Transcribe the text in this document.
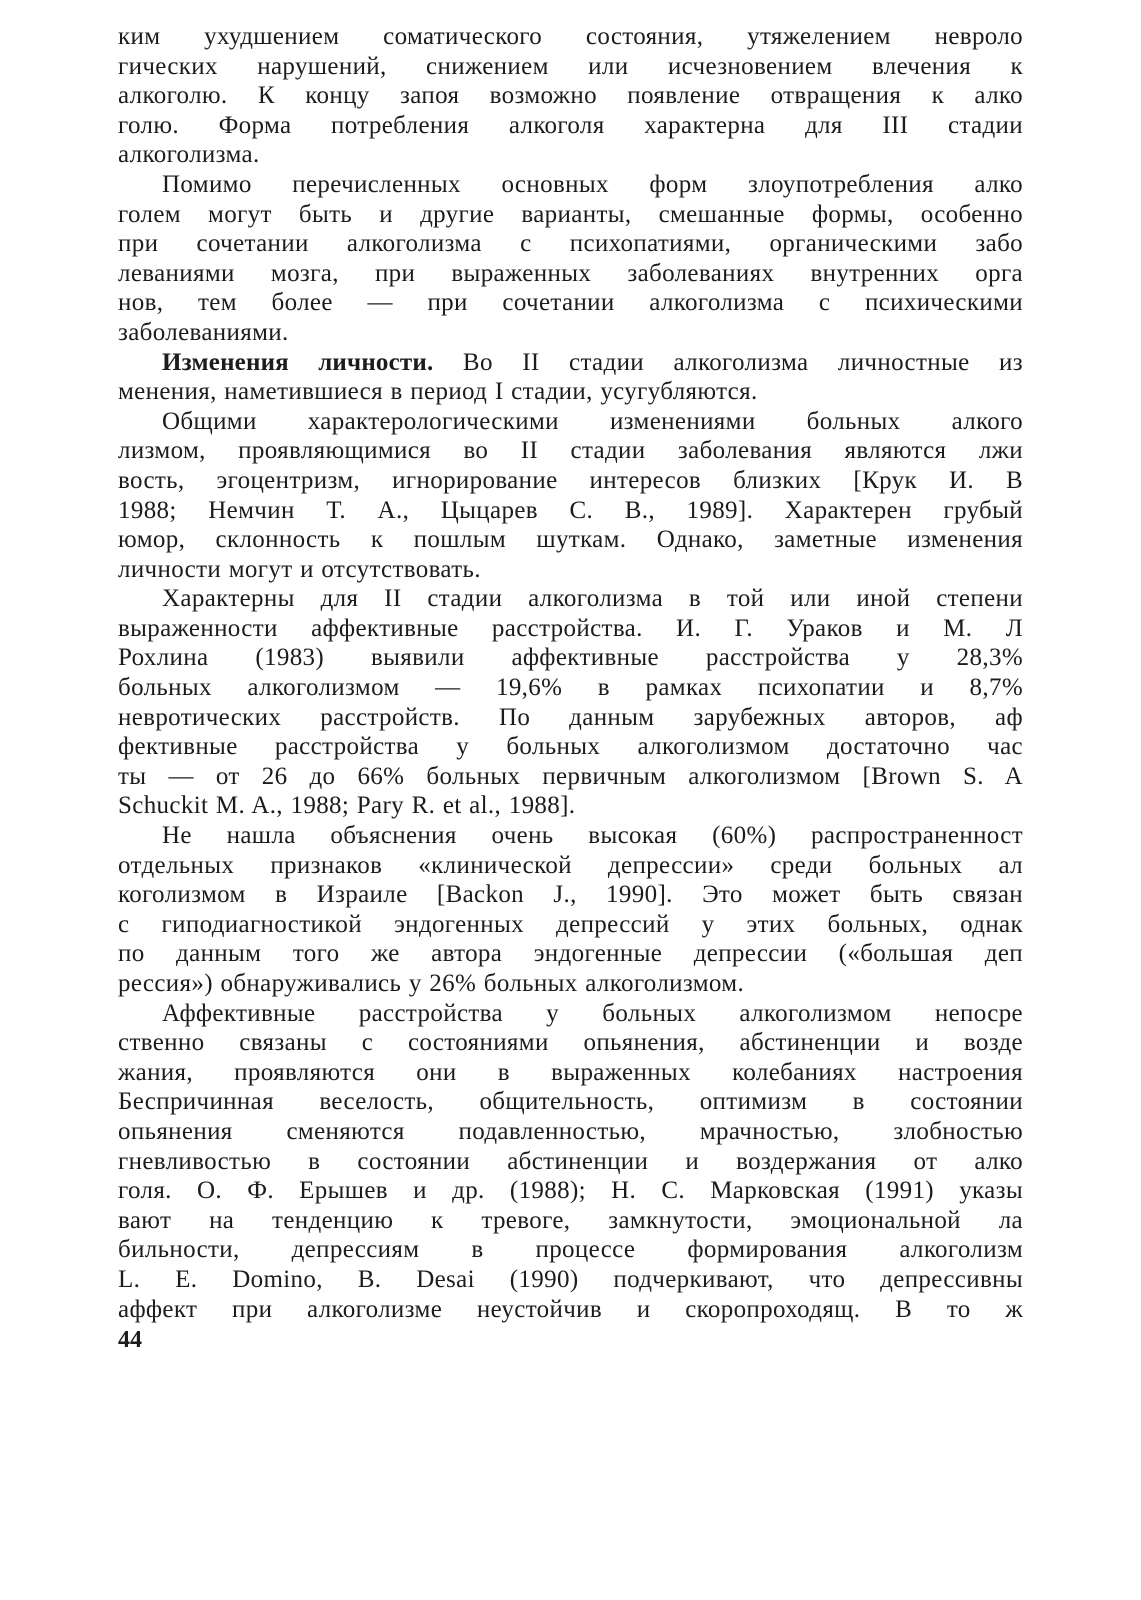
ким ухудшением соматического состояния, утяжелением невролo
гических нарушений, снижением или исчезновением влечения к
алкоголю. К концу запоя возможно появление отвращения к алко
голю. Форма потребления алкоголя характерна для III стадии
алкоголизма.
Помимо перечисленных основных форм злоупотребления алко
голем могут быть и другие варианты, смешанные формы, особенно
при сочетании алкоголизма с психопатиями, органическими забо
леваниями мозга, при выраженных заболеваниях внутренних орга
нов, тем более — при сочетании алкоголизма с психическими
заболеваниями.
Изменения личности. Во II стадии алкоголизма личностные из
менения, наметившиеся в период I стадии, усугубляются.
Общими характерологическими изменениями больных алкого
лизмом, проявляющимися во II стадии заболевания являются лжи
вость, эгоцентризм, игнорирование интересов близких [Крук И. В
1988; Немчин Т. А., Цыцарев С. В., 1989]. Характерен грубый
юмор, склонность к пошлым шуткам. Однако, заметные изменения
личности могут и отсутствовать.
Характерны для II стадии алкоголизма в той или иной степени
выраженности аффективные расстройства. И. Г. Ураков и М. Л
Рохлина (1983) выявили аффективные расстройства у 28,3%
больных алкоголизмом — 19,6% в рамках психопатии и 8,7%
невротических расстройств. По данным зарубежных авторов, аф
фективные расстройства у больных алкоголизмом достаточно час
ты — от 26 до 66% больных первичным алкоголизмом [Brown S. A
Schuckit M. A., 1988; Pary R. et al., 1988].
Не нашла объяснения очень высокая (60%) распространенност
отдельных признаков «клинической депрессии» среди больных ал
коголизмом в Израиле [Backon J., 1990]. Это может быть связан
с гиподиагностикой эндогенных депрессий у этих больных, однак
по данным того же автора эндогенные депрессии («большая деп
рессия») обнаруживались у 26% больных алкоголизмом.
Аффективные расстройства у больных алкоголизмом непосре
ственно связаны с состояниями опьянения, абстиненции и возде
жания, проявляются они в выраженных колебаниях настроения
Беспричинная веселость, общительность, оптимизм в состоянии
опьянения сменяются подавленностью, мрачностью, злобностью
гневливостью в состоянии абстиненции и воздержания от алко
голя. О. Ф. Ерышев и др. (1988); Н. С. Марковская (1991) указы
вают на тенденцию к тревоге, замкнутости, эмоциональной ла
бильности, депрессиям в процессе формирования алкоголизм
L. E. Domino, B. Desai (1990) подчеркивают, что депрессивны
аффект при алкоголизме неустойчив и скоропроходящ. В то ж
44
